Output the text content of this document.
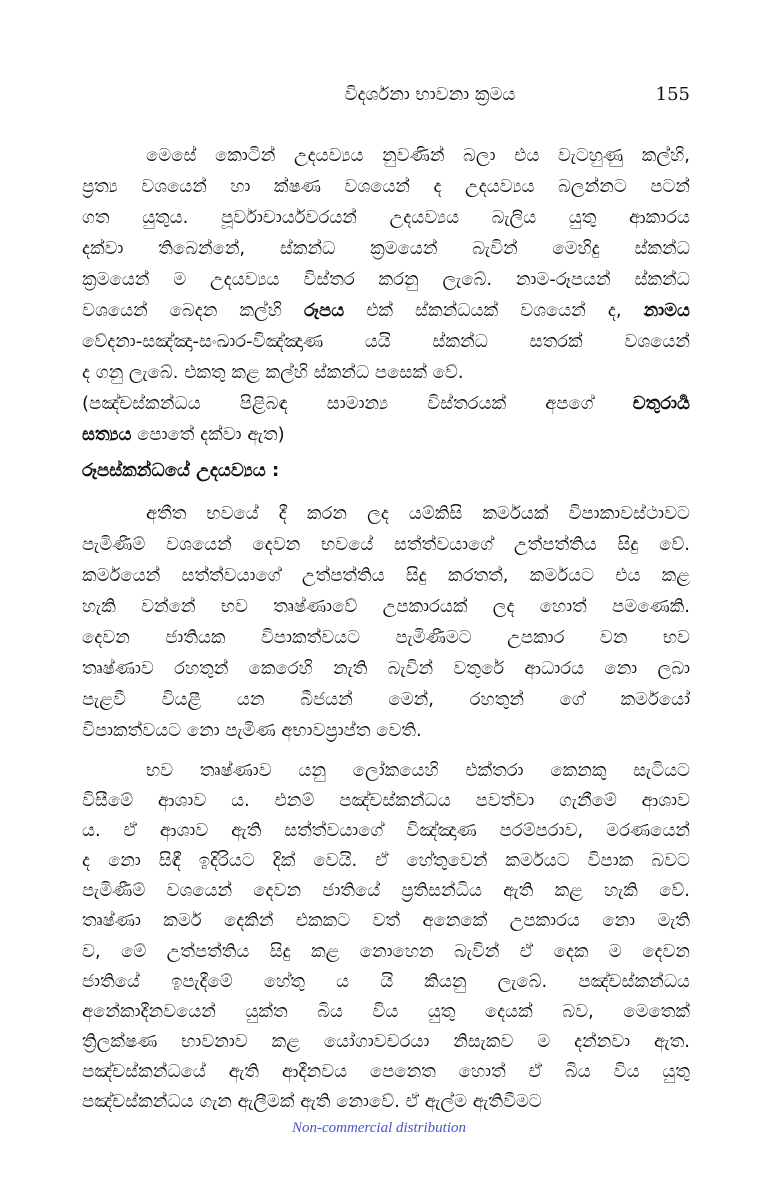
විදර්ශනා භාවනා ක්‍රමය	155
මෙසේ කොටින් උදයව්‍යය නුවණින් බලා එය වැටහුණු කල්හි,
ප්‍රත්‍ය වශයෙන් හා ක්ෂණ වශයෙන් ද උදයව්‍යය බලන්නට පටන්
ගත යුතුය. පූර්වාචාර්යවරයන් උදයව්‍යය බැලිය යුතු ආකාරය
දක්වා තිබෙන්නේ, ස්කන්ධ ක්‍රමයෙන් බැවින් මෙහිදු ස්කන්ධ
ක්‍රමයෙන් ම උදයව්‍යය විස්තර කරනු ලැබේ. නාම-රූපයන් ස්කන්ධ
වශයෙන් බෙදන කල්හි රූපය එක් ස්කන්ධයක් වශයෙන් ද, නාමය
වේදනා-සඤ්ඤා-සංඛාර-විඤ්ඤාණ යයි ස්කන්ධ සතරක් වශයෙන්
ද ගනු ලැබේ. එකතු කළ කල්හි ස්කන්ධ පසෙක් වේ.
(පඤ්චස්කන්ධය පිළිබඳ සාමාන්‍ය විස්තරයක් අපගේ චතුරාර්‍ය
සත්‍යය පොතේ දක්වා ඇත)
රූපස්කන්ධයේ උදයව්‍යය :
අතීත භවයේ දී කරන ලද යම්කිසි කර්මයක් විපාකාවස්ථාවට
පැමිණීම් වශයෙන් දෙවන භවයේ සත්ත්වයාගේ උත්පත්තිය සිදු වේ.
කර්මයෙන් සත්ත්වයාගේ උත්පත්තිය සිදු කරතත්, කර්මයට එය කළ
හැකි වන්නේ භව තෘෂ්ණාවේ උපකාරයක් ලද හොත් පමණෙකි.
දෙවන ජාතියක විපාකත්වයට පැමිණීමට උපකාර වන භව
තෘෂ්ණාව රහතුන් කෙරෙහි නැති බැවින් වතුරේ ආධාරය නො ලබා
පැළවී වියළී යන බීජයන් මෙන්, රහතුන් ගේ කර්මයෝ
විපාකත්වයට නො පැමිණ අභාවප්‍රාප්ත වෙති.
භව තෘෂ්ණාව යනු ලෝකයෙහි එක්තරා කෙනකු සැටියට
විසීමේ ආශාව ය. එනම් පඤ්චස්කන්ධය පවත්වා ගැනීමේ ආශාව
ය. ඒ ආශාව ඇති සත්ත්වයාගේ විඤ්ඤාණ පරම්පරාව, මරණයෙන්
ද නො සිඳී ඉදිරියට දික් වෙයි. ඒ හේතුවෙන් කර්මයට විපාක බවට
පැමිණීම් වශයෙන් දෙවන ජාතියේ ප්‍රතිසන්ධිය ඇති කළ හැකි වේ.
තෘෂ්ණා කර්ම දෙකින් එකකට වත් අනෙකේ උපකාරය නො මැති
ව, මේ උත්පත්තිය සිදු කළ නොහෙන බැවින් ඒ දෙක ම දෙවන
ජාතියේ ඉපැදීමේ හේතු ය යි කියනු ලැබේ. පඤ්චස්කන්ධය
අනේකාදීනවයෙන් යුක්ත බිය විය යුතු දෙයක් බව, මෙතෙක්
ත්‍රිලක්ෂණ භාවනාව කළ යෝගාවචරයා නිසැකව ම දන්නවා ඇත.
පඤ්චස්කන්ධයේ ඇති ආදීනවය පෙනෙත හොත් ඒ බිය විය යුතු
පඤ්චස්කන්ධය ගැන ඇලීමක් ඇති නොවේ. ඒ ඇල්ම ඇතිවීමට
Non-commercial distribution
